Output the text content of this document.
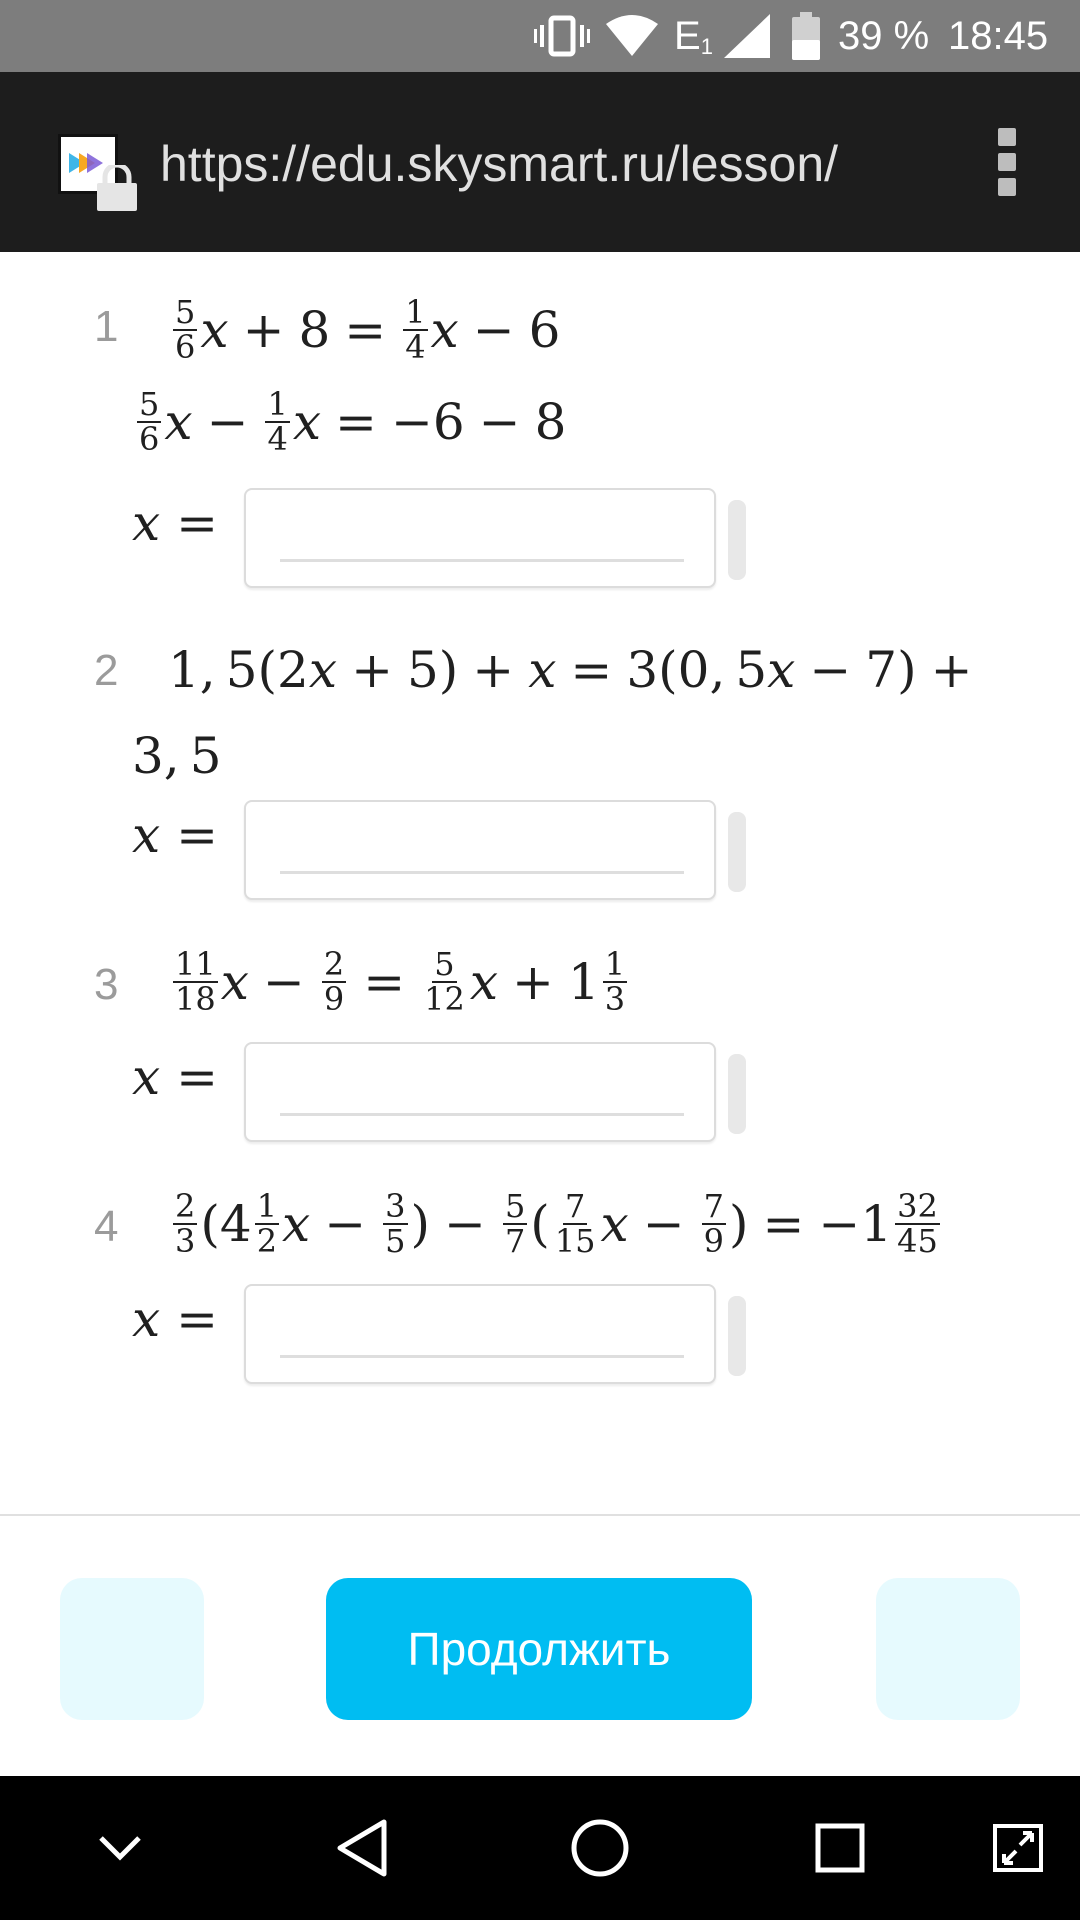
E 1	39 % 18:45
https://edu.skysmart.ru/lesson/
$1 \frac{5}{6}$ $x + 8 = \frac{1}{4}$ x − 6
$\frac{5}{6}$ $x - \frac{1}{4}$ x = −6 − 8
x =
2 1, 5(2 x + 5) + x = 3(0, 5 x − 7) +
3, 5
x =
$3 \frac{11}{18}$ $x - \frac{2}{9} = \frac{5}{12}$ $x + 1 \frac{1}{3}$
x =
$4 \frac{2}{3} (4 \frac{1}{2}$ $x - \frac{3}{5}$ ) − $\frac{5}{7}$ ( $\frac{7}{15}$ $x - \frac{7}{9}$ ) = $-1 \frac{32}{45}$
x =
Продолжить
